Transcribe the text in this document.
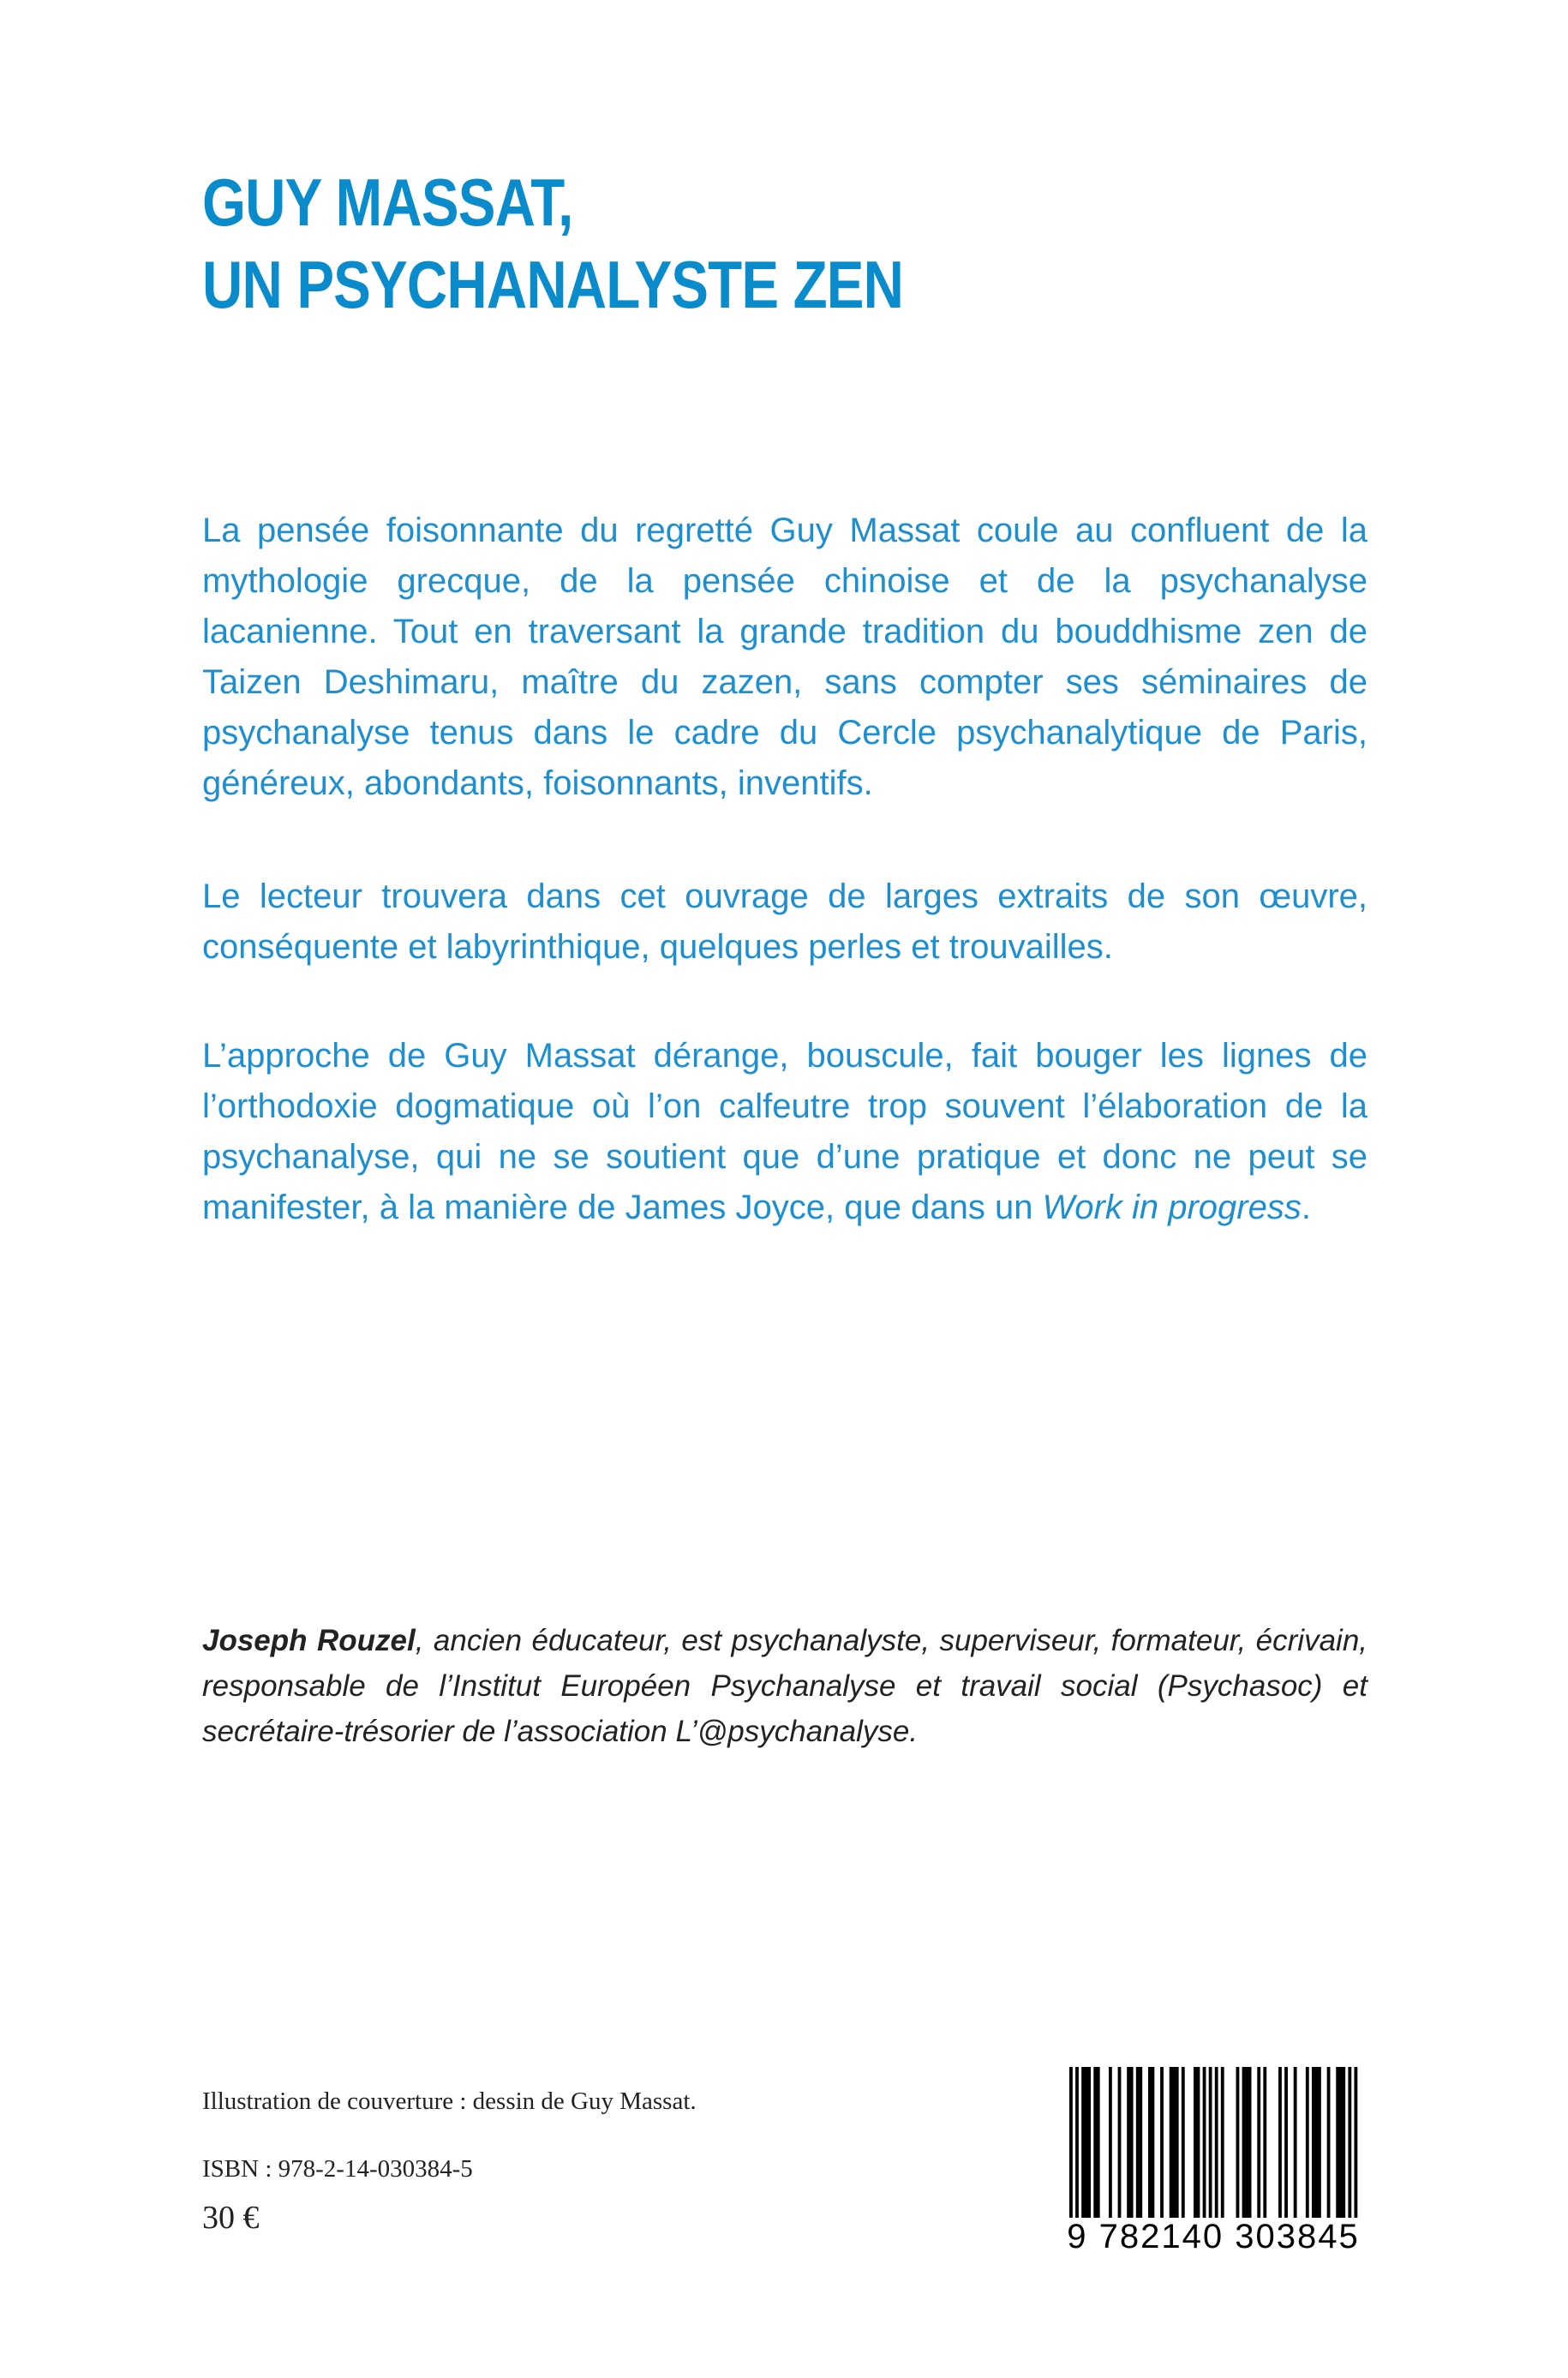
GUY MASSAT,
UN PSYCHANALYSTE ZEN

La pensée foisonnante du regretté Guy Massat coule au confluent de la mythologie grecque, de la pensée chinoise et de la psychanalyse lacanienne. Tout en traversant la grande tradition du bouddhisme zen de Taizen Deshimaru, maître du zazen, sans compter ses séminaires de psychanalyse tenus dans le cadre du Cercle psychanalytique de Paris, généreux, abondants, foisonnants, inventifs.

Le lecteur trouvera dans cet ouvrage de larges extraits de son œuvre, conséquente et labyrinthique, quelques perles et trouvailles.

L’approche de Guy Massat dérange, bouscule, fait bouger les lignes de l’orthodoxie dogmatique où l’on calfeutre trop souvent l’élaboration de la psychanalyse, qui ne se soutient que d’une pratique et donc ne peut se manifester, à la manière de James Joyce, que dans un Work in progress.

Joseph Rouzel, ancien éducateur, est psychanalyste, superviseur, formateur, écrivain, responsable de l’Institut Européen Psychanalyse et travail social (Psychasoc) et secrétaire-trésorier de l’association L’@psychanalyse.

Illustration de couverture : dessin de Guy Massat.

ISBN : 978-2-14-030384-5

30 €	9 782140 303845
